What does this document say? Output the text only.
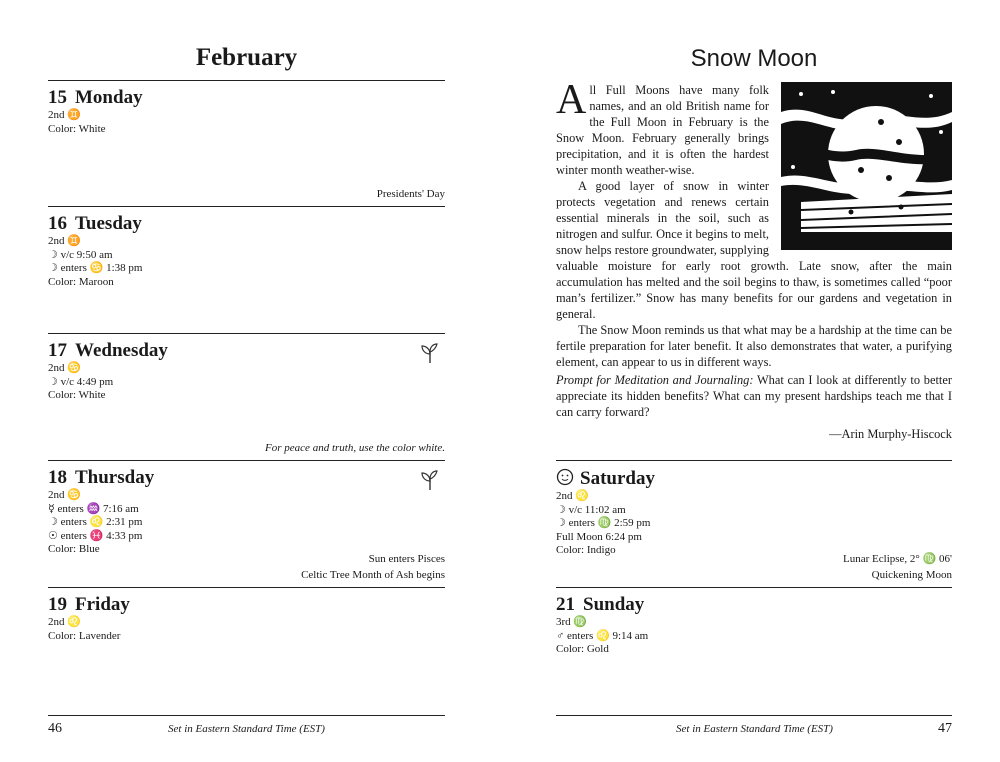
February
15 Monday
2nd ♊
Color: White
Presidents' Day
16 Tuesday
2nd ♊
☽ v/c 9:50 am
☽ enters ♋ 1:38 pm
Color: Maroon
17 Wednesday
2nd ♋
☽ v/c 4:49 pm
Color: White
For peace and truth, use the color white.
18 Thursday
2nd ♋
☿ enters ♒ 7:16 am
☽ enters ♌ 2:31 pm
☉ enters ♓ 4:33 pm
Color: Blue
Sun enters Pisces
Celtic Tree Month of Ash begins
19 Friday
2nd ♌
Color: Lavender
46	Set in Eastern Standard Time (EST)
Snow Moon

All Full Moons have many folk names, and an old British name for the Full Moon in February is the Snow Moon. February generally brings precipitation, and it is often the hardest winter month weather-wise.

A good layer of snow in winter protects vegetation and renews certain essential minerals in the soil, such as nitrogen and sulfur. Once it begins to melt, snow helps restore groundwater, supplying valuable moisture for early root growth. Late snow, after the main accumulation has melted and the soil begins to thaw, is sometimes called “poor man’s fertilizer.” Snow has many benefits for our gardens and vegetation in general.

The Snow Moon reminds us that what may be a hardship at the time can be fertile preparation for later benefit. It also demonstrates that water, a purifying element, can appear to us in different ways.

Prompt for Meditation and Journaling: What can I look at differently to better appreciate its hidden benefits? What can my present hardships teach me that I can carry forward?

—Arin Murphy-Hiscock

Saturday
2nd ♌
☽ v/c 11:02 am
☽ enters ♍ 2:59 pm
Full Moon 6:24 pm
Color: Indigo
Lunar Eclipse, 2° ♍ 06'
Quickening Moon
21 Sunday
3rd ♍
♂ enters ♌ 9:14 am
Color: Gold
Set in Eastern Standard Time (EST)	47
